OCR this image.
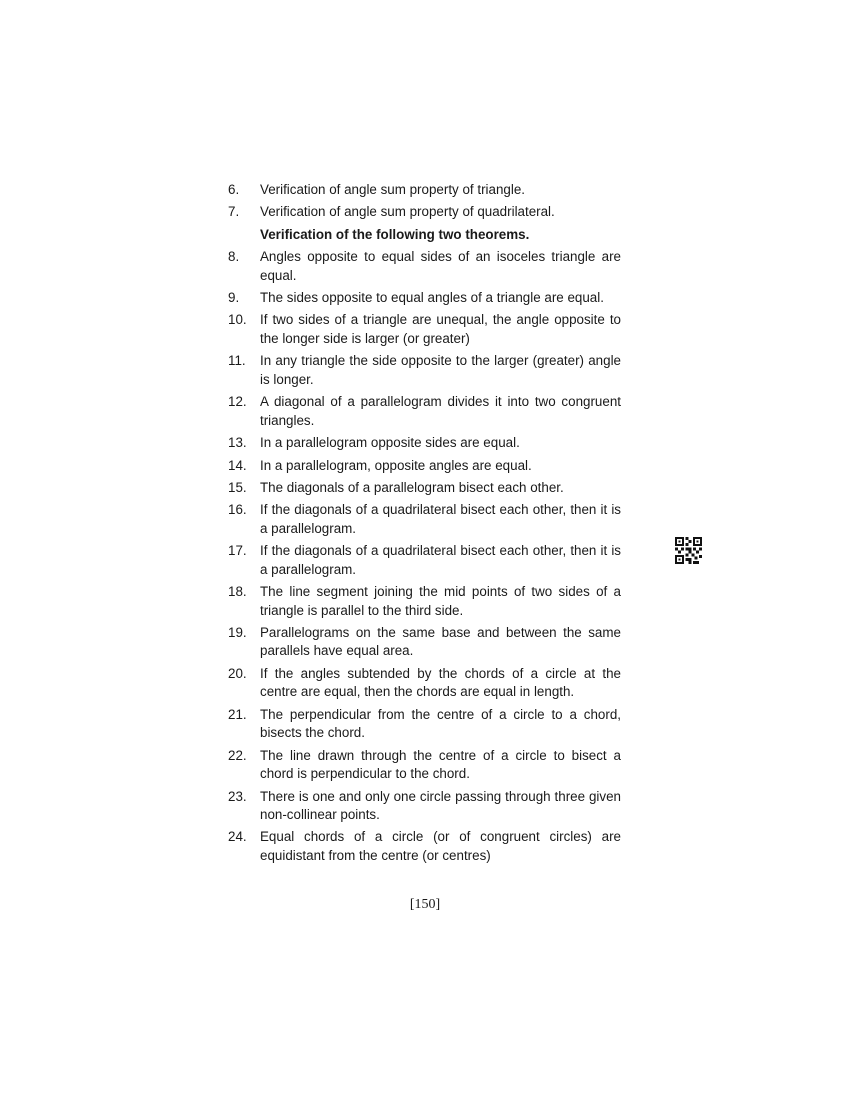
6.	Verification of angle sum property of triangle.
7.	Verification of angle sum property of quadrilateral.
Verification of the following two theorems.
8.	Angles opposite to equal sides of an isoceles triangle are equal.
9.	The sides opposite to equal angles of a triangle are equal.
10. If two sides of a triangle are unequal, the angle opposite to the longer side is larger (or greater)
11.	In any triangle the side opposite to the larger (greater) angle is longer.
12. A diagonal of a parallelogram divides it into two congruent triangles.
13. In a parallelogram opposite sides are equal.
14. In a parallelogram, opposite angles are equal.
15. The diagonals of a parallelogram bisect each other.
16. If the diagonals of a quadrilateral bisect each other, then it is a parallelogram.
17. If the diagonals of a quadrilateral bisect each other, then it is a parallelogram.
18. The line segment joining the mid points of two sides of a triangle is parallel to the third side.
19. Parallelograms on the same base and between the same parallels have equal area.
20. If the angles subtended by the chords of a circle at the centre are equal, then the chords are equal in length.
21. The perpendicular from the centre of a circle to a chord, bisects the chord.
22. The line drawn through the centre of a circle to bisect a chord is perpendicular to the chord.
23. There is one and only one circle passing through three given non-collinear points.
24. Equal chords of a circle (or of congruent circles) are equidistant from the centre (or centres)
[150]
